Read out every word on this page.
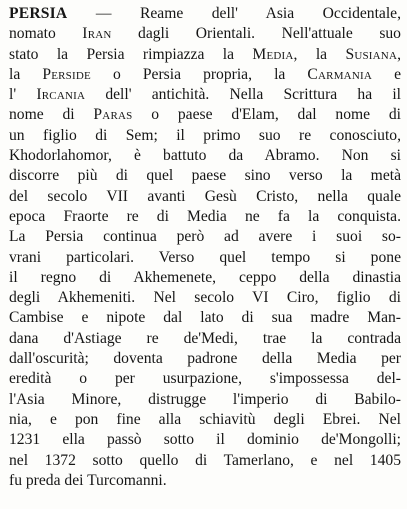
PERSIA — Reame dell' Asia Occidentale,
nomato Iran dagli Orientali. Nell'attuale suo
stato la Persia rimpiazza la Media, la Susiana,
la Perside o Persia propria, la Carmania e
l' Ircania dell' antichità. Nella Scrittura ha il
nome di Paras o paese d'Elam, dal nome di
un figlio di Sem; il primo suo re conosciuto,
Khodorlahomor, è battuto da Abramo. Non si
discorre più di quel paese sino verso la metà
del secolo VII avanti Gesù Cristo, nella quale
epoca Fraorte re di Media ne fa la conquista.
La Persia continua però ad avere i suoi so-
vrani particolari. Verso quel tempo si pone
il regno di Akhemenete, ceppo della dinastia
degli Akhemeniti. Nel secolo VI Ciro, figlio di
Cambise e nipote dal lato di sua madre Man-
dana d'Astiage re de'Medi, trae la contrada
dall'oscurità; doventa padrone della Media per
eredità o per usurpazione, s'impossessa del-
l'Asia Minore, distrugge l'imperio di Babilo-
nia, e pon fine alla schiavitù degli Ebrei. Nel
1231 ella passò sotto il dominio de'Mongolli;
nel 1372 sotto quello di Tamerlano, e nel 1405
fu preda dei Turcomanni.
